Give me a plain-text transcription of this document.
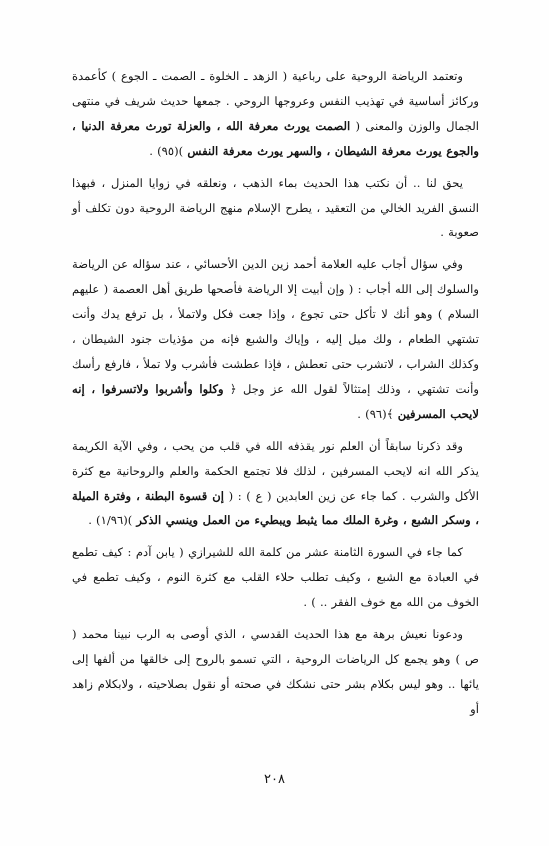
وتعتمد الرياضة الروحية على رباعية ( الزهد ـ الخلوة ـ الصمت ـ الجوع ) كأعمدة وركائز أساسية في تهذيب النفس وعروجها الروحي . جمعها حديث شريف في منتهى الجمال والوزن والمعنى ( الصمت يورث معرفة الله ، والعزلة تورث معرفة الدنيا ، والجوع يورث معرفة الشيطان ، والسهر يورث معرفة النفس )(٩٥) .

يحق لنا .. أن نكتب هذا الحديث بماء الذهب ، ونعلقه في زوايا المنزل ، فبهذا النسق الفريد الخالي من التعقيد ، يطرح الإسلام منهج الرياضة الروحية دون تكلف أو صعوبة .

وفي سؤال أجاب عليه العلامة أحمد زين الدين الأحسائي ، عند سؤاله عن الرياضة والسلوك إلى الله أجاب : ( وإن أبيت إلا الرياضة فأصحها طريق أهل العصمة ( عليهم السلام ) وهو أنك لا تأكل حتى تجوع ، وإذا جعت فكل ولاتملأ ، بل ترفع يدك وأنت تشتهي الطعام ، ولك ميل إليه ، وإياك والشبع فإنه من مؤذيات جنود الشيطان ، وكذلك الشراب ، لاتشرب حتى تعطش ، فإذا عطشت فأشرب ولا تملأ ، فارفع رأسك وأنت تشتهي ، وذلك إمتثالاً لقول الله عز وجل ﴿ وكلوا وأشربوا ولاتسرفوا ، إنه لايحب المسرفين ﴾(٩٦) .

وقد ذكرنا سابقاً أن العلم نور يقذفه الله في قلب من يحب ، وفي الآية الكريمة يذكر الله انه لايحب المسرفين ، لذلك فلا تجتمع الحكمة والعلم والروحانية مع كثرة الأكل والشرب . كما جاء عن زين العابدين ( ع ) : ( إن قسوة البطنة ، وفترة الميلة ، وسكر الشبع ، وغرة الملك مما يثبط ويبطيء من العمل وينسي الذكر )(١/٩٦) .

كما جاء في السورة الثامنة عشر من كلمة الله للشيرازي ( يابن آدم : كيف تطمع في العبادة مع الشبع ، وكيف تطلب حلاء القلب مع كثرة النوم ، وكيف تطمع في الخوف من الله مع خوف الفقر .. ) .

ودعونا نعيش برهة مع هذا الحديث القدسي ، الذي أوصى به الرب نبينا محمد ( ص ) وهو يجمع كل الرياضات الروحية ، التي تسمو بالروح إلى خالقها من ألفها إلى يائها .. وهو ليس بكلام بشر حتى نشكك في صحته أو نقول بصلاحيته ، ولابكلام زاهد أو

٢٠٨
